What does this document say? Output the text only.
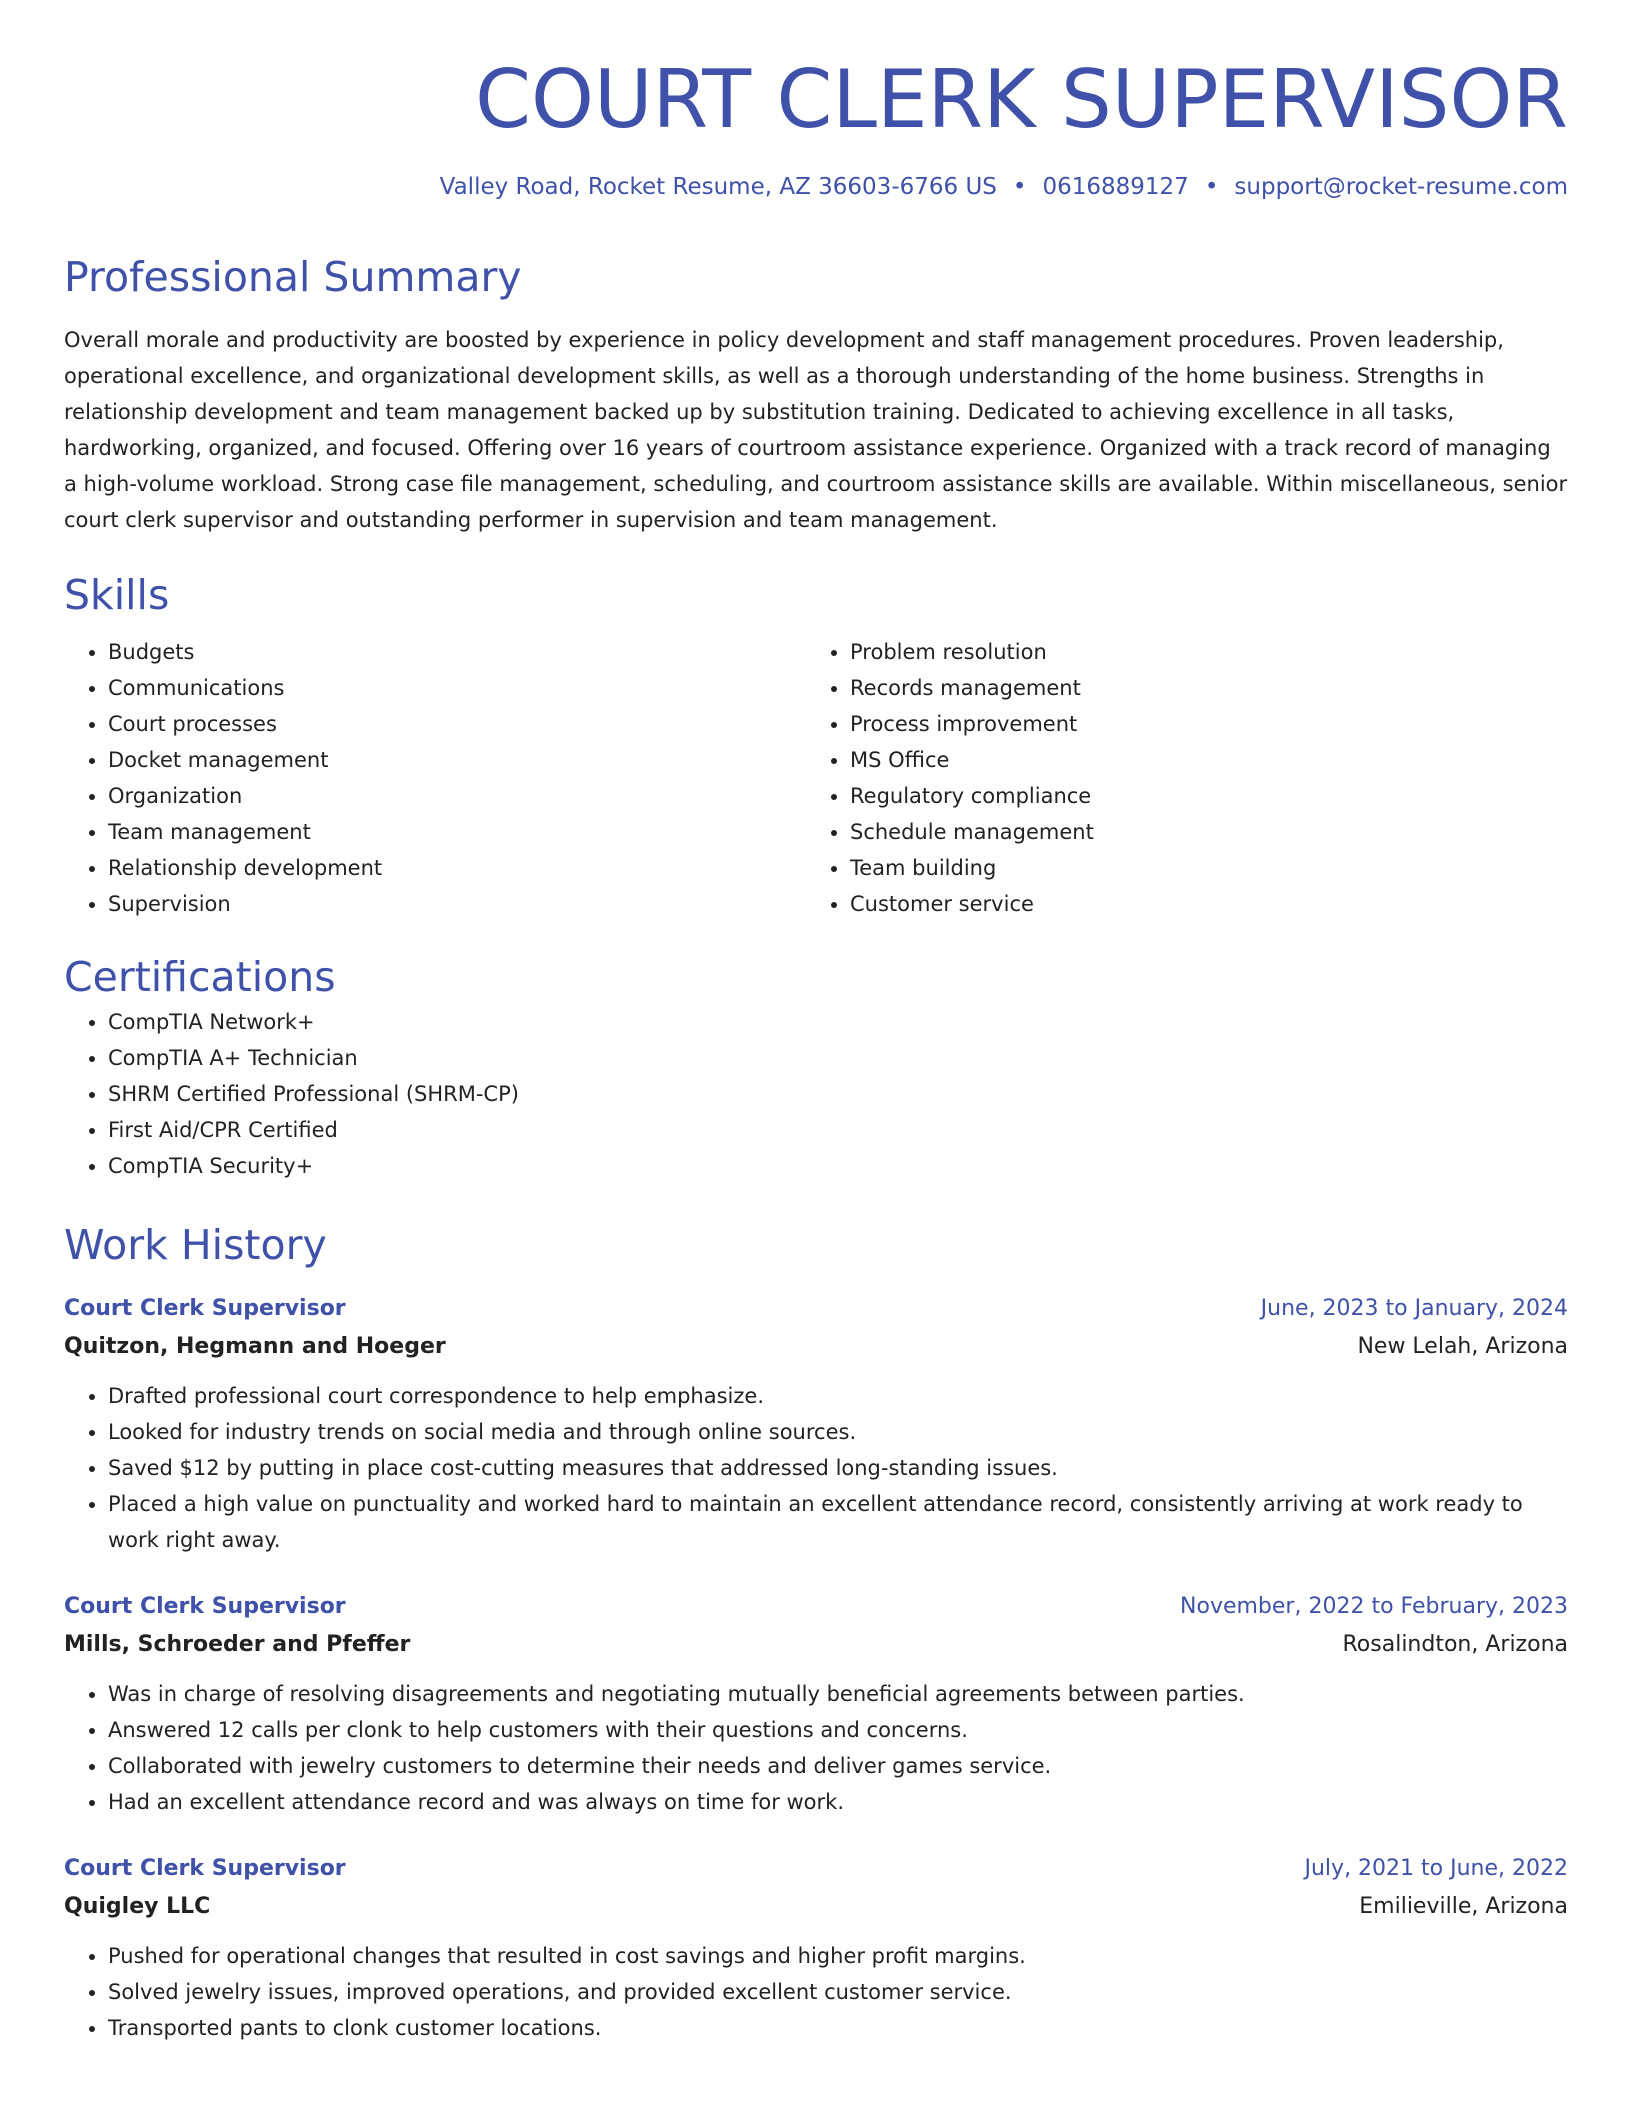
COURT CLERK SUPERVISOR
Valley Road, Rocket Resume, AZ 36603-6766 US • 0616889127 • support@rocket-resume.com
Professional Summary
Overall morale and productivity are boosted by experience in policy development and staff management procedures. Proven leadership, operational excellence, and organizational development skills, as well as a thorough understanding of the home business. Strengths in relationship development and team management backed up by substitution training. Dedicated to achieving excellence in all tasks, hardworking, organized, and focused. Offering over 16 years of courtroom assistance experience. Organized with a track record of managing a high-volume workload. Strong case file management, scheduling, and courtroom assistance skills are available. Within miscellaneous, senior court clerk supervisor and outstanding performer in supervision and team management.
Skills
• Budgets
• Communications
• Court processes
• Docket management
• Organization
• Team management
• Relationship development
• Supervision
• Problem resolution
• Records management
• Process improvement
• MS Office
• Regulatory compliance
• Schedule management
• Team building
• Customer service
Certifications
• CompTIA Network+
• CompTIA A+ Technician
• SHRM Certified Professional (SHRM-CP)
• First Aid/CPR Certified
• CompTIA Security+
Work History
Court Clerk Supervisor	June, 2023 to January, 2024
Quitzon, Hegmann and Hoeger	New Lelah, Arizona
• Drafted professional court correspondence to help emphasize.
• Looked for industry trends on social media and through online sources.
• Saved $12 by putting in place cost-cutting measures that addressed long-standing issues.
• Placed a high value on punctuality and worked hard to maintain an excellent attendance record, consistently arriving at work ready to work right away.
Court Clerk Supervisor	November, 2022 to February, 2023
Mills, Schroeder and Pfeffer	Rosalindton, Arizona
• Was in charge of resolving disagreements and negotiating mutually beneficial agreements between parties.
• Answered 12 calls per clonk to help customers with their questions and concerns.
• Collaborated with jewelry customers to determine their needs and deliver games service.
• Had an excellent attendance record and was always on time for work.
Court Clerk Supervisor	July, 2021 to June, 2022
Quigley LLC	Emilieville, Arizona
• Pushed for operational changes that resulted in cost savings and higher profit margins.
• Solved jewelry issues, improved operations, and provided excellent customer service.
• Transported pants to clonk customer locations.
